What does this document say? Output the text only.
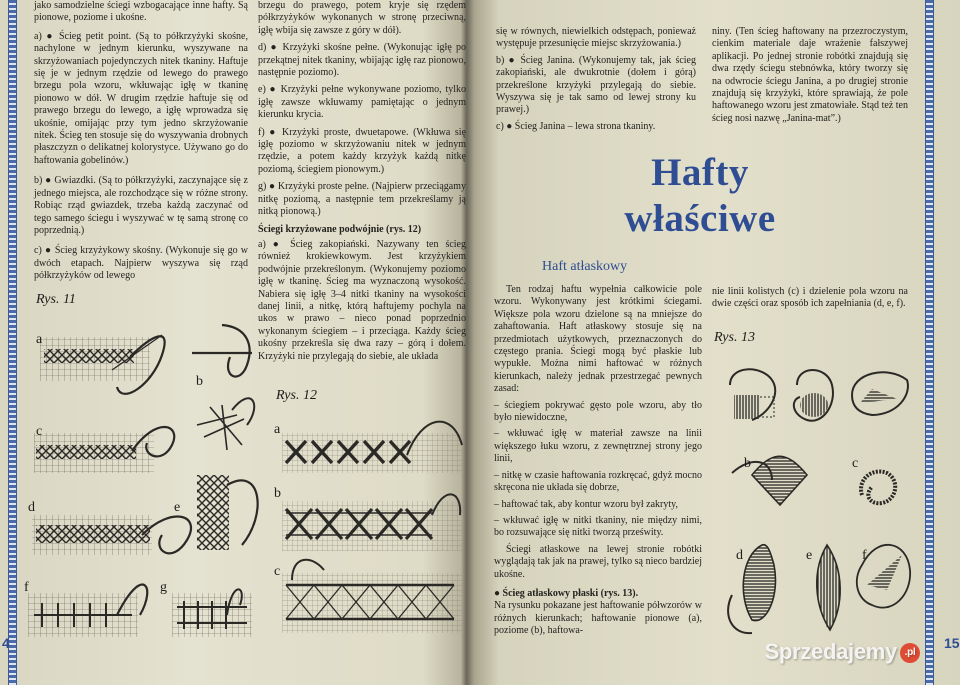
jako samodzielne ściegi wzbogacające inne hafty. Są pionowe, poziome i ukośne.

a) ● Ścieg petit point. (Są to półkrzyżyki skośne, nachylone w jednym kierunku, wyszywane na skrzyżowaniach pojedynczych nitek tkaniny. Haftuje się je w jednym rzędzie od lewego do prawego brzegu pola wzoru, wkłuwając igłę w tkaninę pionowo w dół. W drugim rzędzie haftuje się od prawego brzegu do lewego, a igłę wprowadza się ukośnie, omijając przy tym jedno skrzyżowanie nitek. Ścieg ten stosuje się do wyszywania drobnych płaszczyzn o delikatnej kolorystyce. Używano go do haftowania gobelinów.)

b) ● Gwiazdki. (Są to półkrzyżyki, zaczynające się z jednego miejsca, ale rozchodzące się w różne strony. Robiąc rząd gwiazdek, trzeba każdą zaczynać od tego samego ściegu i wyszywać w tę samą stronę co poprzednią.)

c) ● Ścieg krzyżykowy skośny. (Wykonuje się go w dwóch etapach. Najpierw wyszywa się rząd półkrzyżyków od lewego

brzegu do prawego, potem kryje się rzędem półkrzyżyków wykonanych w stronę przeciwną, igłę wbija się zawsze z góry w dół).

d) ● Krzyżyki skośne pełne. (Wykonując igłę po przekątnej nitek tkaniny, wbijając igłę raz pionowo, następnie poziomo).

e) ● Krzyżyki pełne wykonywane poziomo, tylko igłę zawsze wkłuwamy pamiętając o jednym kierunku krycia.

f) ● Krzyżyki proste, dwuetapowe. (Wkłuwa się igłę poziomo w skrzyżowaniu nitek w jednym rzędzie, a potem każdy krzyżyk każdą nitkę poziomą, ściegiem pionowym.)

g) ● Krzyżyki proste pełne. (Najpierw przeciągamy nitkę poziomą, a następnie tem przekreślamy ją nitką pionową.)

Ściegi krzyżowane podwójnie (rys. 12)

a) ● Ścieg zakopiański. Nazywany ten ścieg również krokiewkowym. Jest krzyżykiem podwójnie przekreślonym. (Wykonujemy poziomo igłę w tkaninę. Ścieg ma wyznaczoną wysokość. Nabiera się igłę 3–4 nitki tkaniny na wysokości danej linii, a nitkę, którą haftujemy pochyla na ukos w prawo – nieco ponad poprzednio wykonanym ściegiem – i przeciąga. Każdy ścieg ukośny przekreśla się dwa razy – górą i dołem. Krzyżyki nie przylegają do siebie, ale układa

Rys. 11
a
b
c
d	e
f	g
Rys. 12
a
b
c
4

się w równych, niewielkich odstępach, ponieważ występuje przesunięcie miejsc skrzyżowania.)

b) ● Ścieg Janina. (Wykonujemy tak, jak ścieg zakopiański, ale dwukrotnie (dołem i górą) przekreślone krzyżyki przylegają do siebie. Wyszywa się je tak samo od lewej strony ku prawej.)

c) ● Ścieg Janina – lewa strona tkaniny.

niny. (Ten ścieg haftowany na przezroczystym, cienkim materiale daje wrażenie fałszywej aplikacji. Po jednej stronie robótki znajdują się dwa rzędy ściegu stebnówka, który tworzy się na odwrocie ściegu Janina, a po drugiej stronie znajdują się krzyżyki, które sprawiają, że pole haftowanego wzoru jest zmatowiałe. Stąd też ten ścieg nosi nazwę „Janina-mat”.)

Hafty
właściwe
Haft atłaskowy

Ten rodzaj haftu wypełnia całkowicie pole wzoru. Wykonywany jest krótkimi ściegami. Większe pola wzoru dzielone są na mniejsze do zahaftowania. Haft atłaskowy stosuje się na przedmiotach użytkowych, przeznaczonych do częstego prania. Ściegi mogą być płaskie lub wypukłe. Można nimi haftować w różnych kierunkach, należy jednak przestrzegać pewnych zasad:

– ściegiem pokrywać gęsto pole wzoru, aby tło było niewidoczne,

– wkłuwać igłę w materiał zawsze na linii większego łuku wzoru, z zewnętrznej strony jego linii,

– nitkę w czasie haftowania rozkręcać, gdyż mocno skręcona nie układa się dobrze,

– haftować tak, aby kontur wzoru był zakryty,

– wkłuwać igłę w nitki tkaniny, nie między nimi, bo rozsuwające się nitki tworzą prześwity.

Ściegi atłaskowe na lewej stronie robótki wyglądają tak jak na prawej, tylko są nieco bardziej ukośne.

● Ścieg atłaskowy płaski (rys. 13).

Na rysunku pokazane jest haftowanie półwzorów w różnych kierunkach; haftowanie pionowe (a), poziome (b), haftowa-

nie linii kolistych (c) i dzielenie pola wzoru na dwie części oraz sposób ich zapełniania (d, e, f).

Rys. 13
b	c
d	e	f
15
Sprzedajemy .pl
